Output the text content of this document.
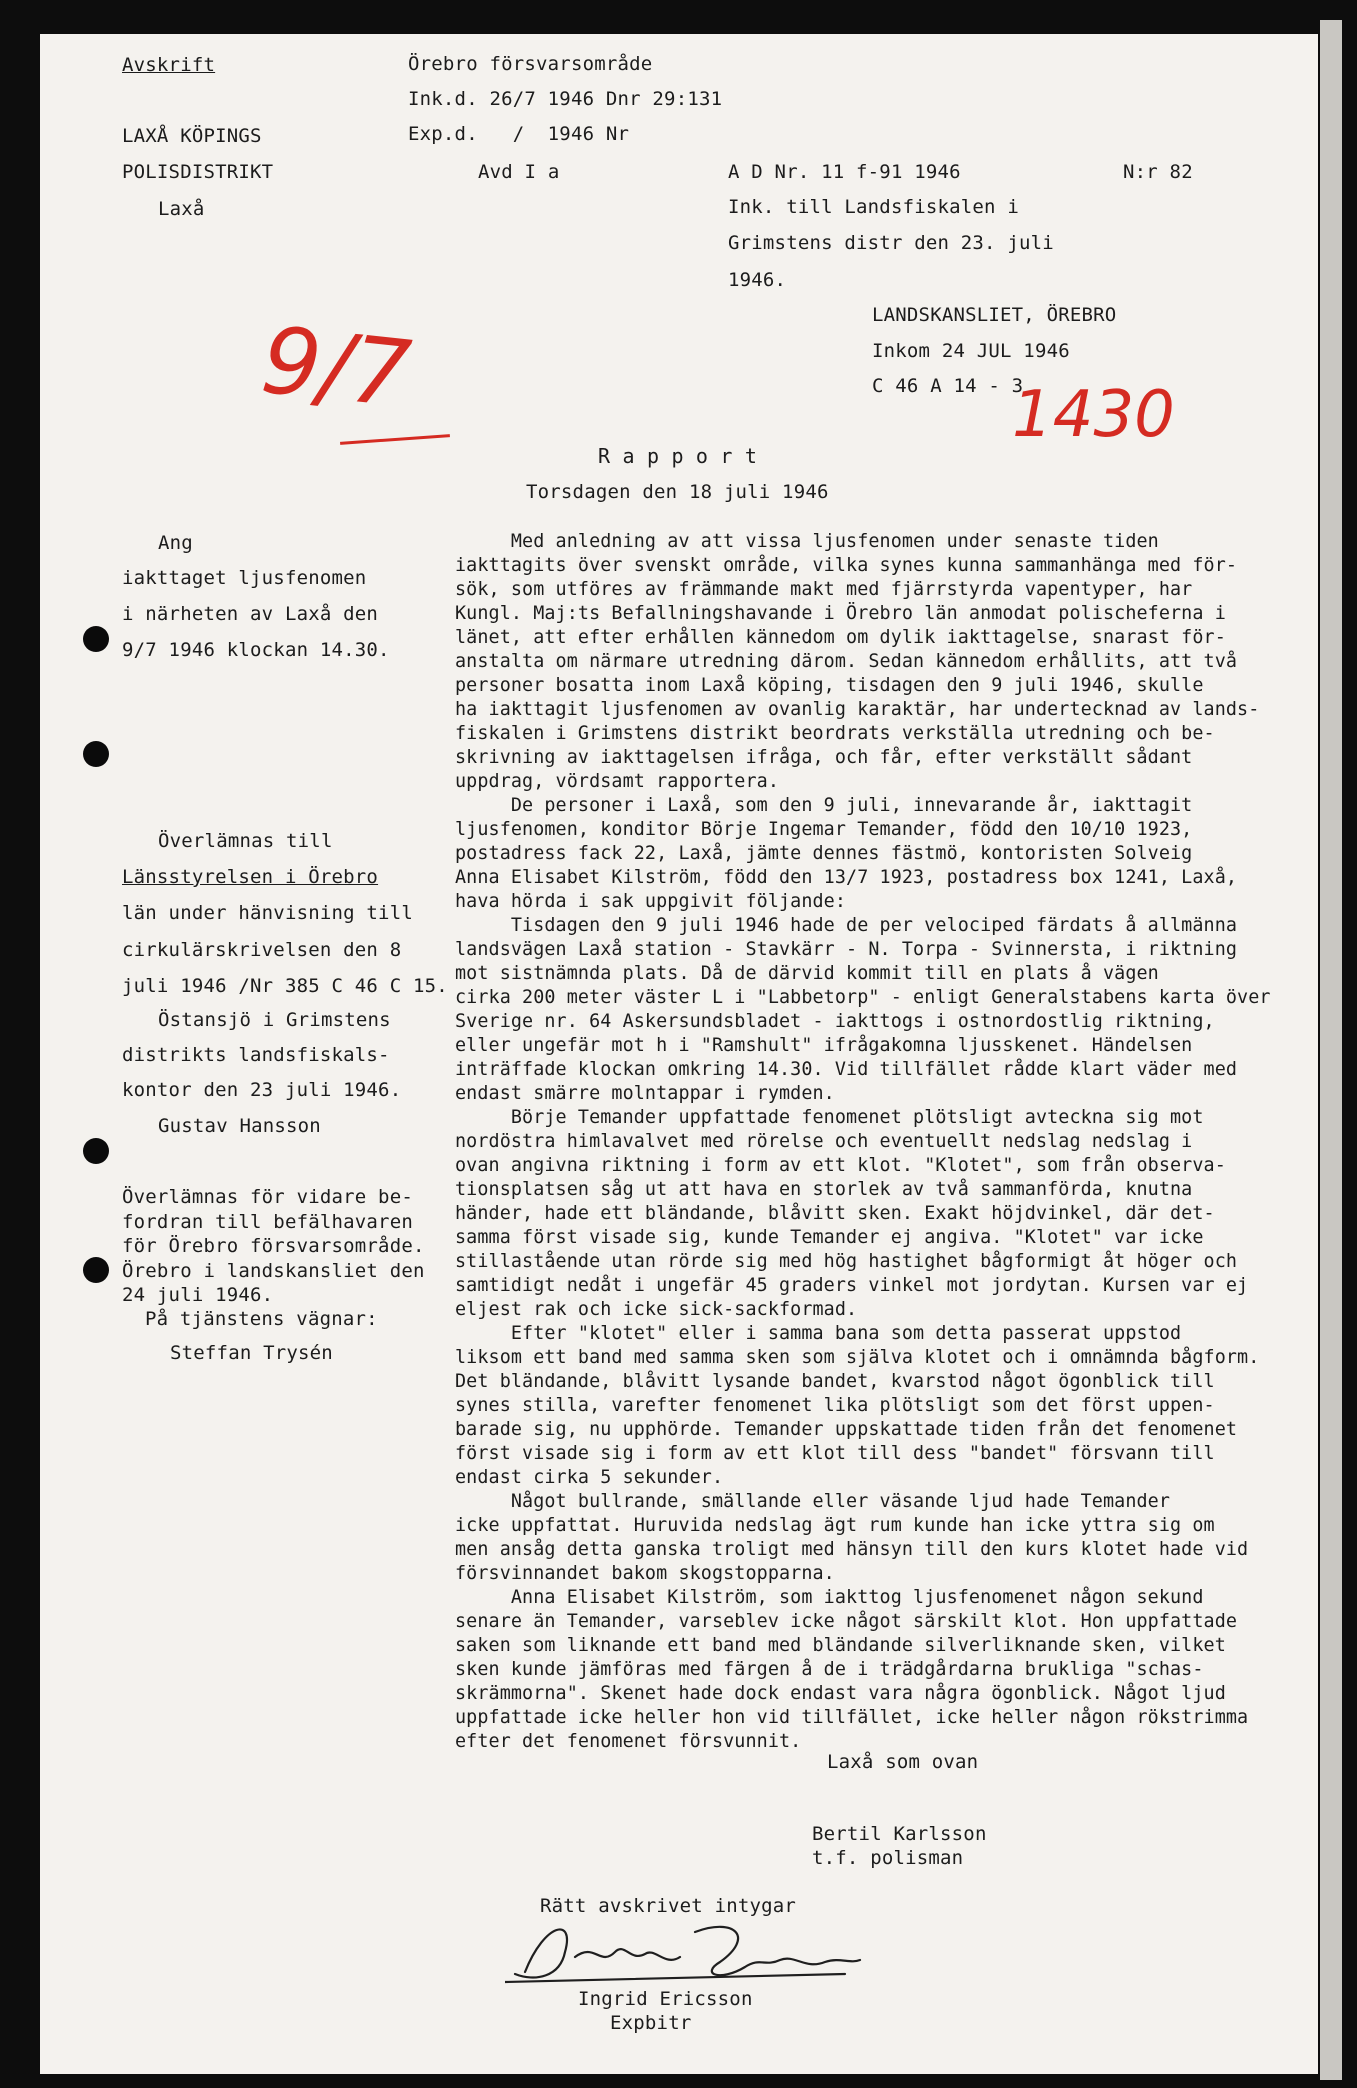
Avskrift
LAXÅ KÖPINGS
POLISDISTRIKT
Laxå
Örebro försvarsområde
Ink.d. 26/7 1946 Dnr 29:131
Exp.d.   /  1946 Nr
Avd I a	A D Nr. 11 f-91 1946	N:r 82
Ink. till Landsfiskalen i
Grimstens distr den 23. juli
1946.
LANDSKANSLIET, ÖREBRO
Inkom 24 JUL 1946
C 46 A 14 - 3
9/7	1430
R a p p o r t
Torsdagen den 18 juli 1946
Ang
iakttaget ljusfenomen
i närheten av Laxå den
9/7 1946 klockan 14.30.
Överlämnas till
Länsstyrelsen i Örebro
län under hänvisning till
cirkulärskrivelsen den 8
juli 1946 /Nr 385 C 46 C 15.
Östansjö i Grimstens
distrikts landsfiskals-
kontor den 23 juli 1946.
Gustav Hansson
Överlämnas för vidare be-
fordran till befälhavaren
för Örebro försvarsområde.
Örebro i landskansliet den
24 juli 1946.
På tjänstens vägnar:
Steffan Trysén
Med anledning av att vissa ljusfenomen under senaste tiden
iakttagits över svenskt område, vilka synes kunna sammanhänga med för-
sök, som utföres av främmande makt med fjärrstyrda vapentyper, har
Kungl. Maj:ts Befallningshavande i Örebro län anmodat polischeferna i
länet, att efter erhållen kännedom om dylik iakttagelse, snarast för-
anstalta om närmare utredning därom. Sedan kännedom erhållits, att två
personer bosatta inom Laxå köping, tisdagen den 9 juli 1946, skulle
ha iakttagit ljusfenomen av ovanlig karaktär, har undertecknad av lands-
fiskalen i Grimstens distrikt beordrats verkställa utredning och be-
skrivning av iakttagelsen ifråga, och får, efter verkställt sådant
uppdrag, vördsamt rapportera.
De personer i Laxå, som den 9 juli, innevarande år, iakttagit
ljusfenomen, konditor Börje Ingemar Temander, född den 10/10 1923,
postadress fack 22, Laxå, jämte dennes fästmö, kontoristen Solveig
Anna Elisabet Kilström, född den 13/7 1923, postadress box 1241, Laxå,
hava hörda i sak uppgivit följande:
Tisdagen den 9 juli 1946 hade de per velociped färdats å allmänna
landsvägen Laxå station - Stavkärr - N. Torpa - Svinnersta, i riktning
mot sistnämnda plats. Då de därvid kommit till en plats å vägen
cirka 200 meter väster L i "Labbetorp" - enligt Generalstabens karta över
Sverige nr. 64 Askersundsbladet - iakttogs i ostnordostlig riktning,
eller ungefär mot h i "Ramshult" ifrågakomna ljusskenet. Händelsen
inträffade klockan omkring 14.30. Vid tillfället rådde klart väder med
endast smärre molntappar i rymden.
Börje Temander uppfattade fenomenet plötsligt avteckna sig mot
nordöstra himlavalvet med rörelse och eventuellt nedslag nedslag i
ovan angivna riktning i form av ett klot. "Klotet", som från observa-
tionsplatsen såg ut att hava en storlek av två sammanförda, knutna
händer, hade ett bländande, blåvitt sken. Exakt höjdvinkel, där det-
samma först visade sig, kunde Temander ej angiva. "Klotet" var icke
stillastående utan rörde sig med hög hastighet bågformigt åt höger och
samtidigt nedåt i ungefär 45 graders vinkel mot jordytan. Kursen var ej
eljest rak och icke sick-sackformad.
Efter "klotet" eller i samma bana som detta passerat uppstod
liksom ett band med samma sken som själva klotet och i omnämnda bågform.
Det bländande, blåvitt lysande bandet, kvarstod något ögonblick till
synes stilla, varefter fenomenet lika plötsligt som det först uppen-
barade sig, nu upphörde. Temander uppskattade tiden från det fenomenet
först visade sig i form av ett klot till dess "bandet" försvann till
endast cirka 5 sekunder.
Något bullrande, smällande eller väsande ljud hade Temander
icke uppfattat. Huruvida nedslag ägt rum kunde han icke yttra sig om
men ansåg detta ganska troligt med hänsyn till den kurs klotet hade vid
försvinnandet bakom skogstopparna.
Anna Elisabet Kilström, som iakttog ljusfenomenet någon sekund
senare än Temander, varseblev icke något särskilt klot. Hon uppfattade
saken som liknande ett band med bländande silverliknande sken, vilket
sken kunde jämföras med färgen å de i trädgårdarna brukliga "schas-
skrämmorna". Skenet hade dock endast vara några ögonblick. Något ljud
uppfattade icke heller hon vid tillfället, icke heller någon rökstrimma
efter det fenomenet försvunnit.
Laxå som ovan
Bertil Karlsson
t.f. polisman
Rätt avskrivet intygar
Ingrid Ericsson
Expbitr
